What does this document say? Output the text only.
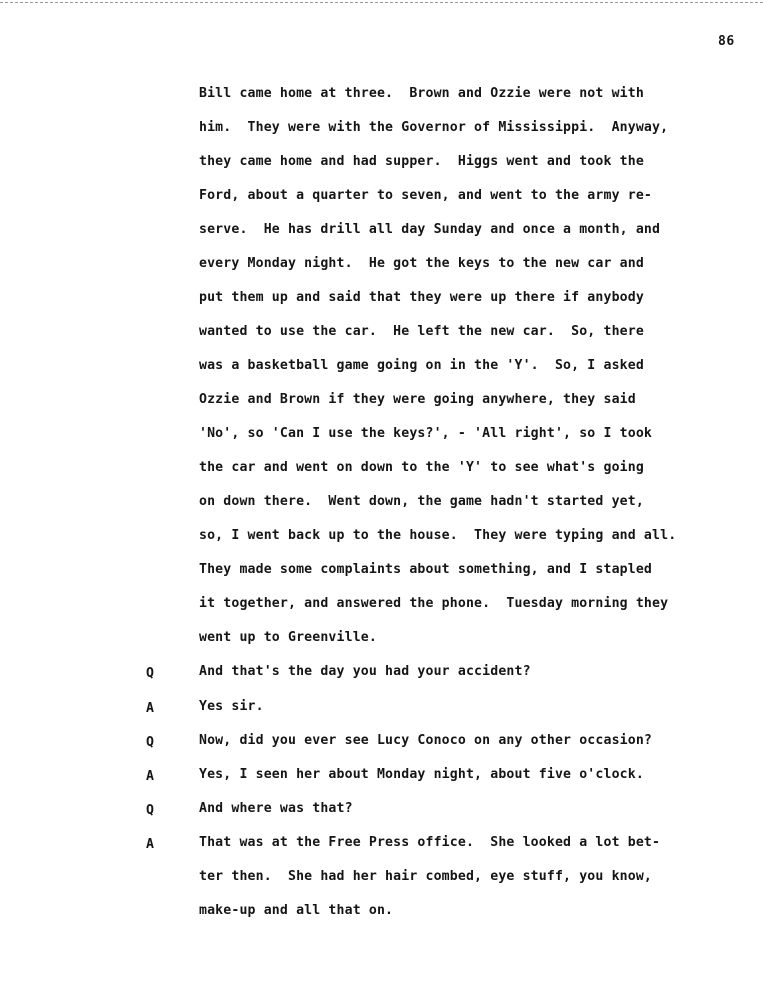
86
Bill came home at three.  Brown and Ozzie were not with
him.  They were with the Governor of Mississippi.  Anyway,
they came home and had supper.  Higgs went and took the
Ford, about a quarter to seven, and went to the army re-
serve.  He has drill all day Sunday and once a month, and
every Monday night.  He got the keys to the new car and
put them up and said that they were up there if anybody
wanted to use the car.  He left the new car.  So, there
was a basketball game going on in the 'Y'.  So, I asked
Ozzie and Brown if they were going anywhere, they said
'No', so 'Can I use the keys?', - 'All right', so I took
the car and went on down to the 'Y' to see what's going
on down there.  Went down, the game hadn't started yet,
so, I went back up to the house.  They were typing and all.
They made some complaints about something, and I stapled
it together, and answered the phone.  Tuesday morning they
went up to Greenville.
Q	And that's the day you had your accident?
A	Yes sir.
Q	Now, did you ever see Lucy Conoco on any other occasion?
A	Yes, I seen her about Monday night, about five o'clock.
Q	And where was that?
A	That was at the Free Press office.  She looked a lot bet-
ter then.  She had her hair combed, eye stuff, you know,
make-up and all that on.
